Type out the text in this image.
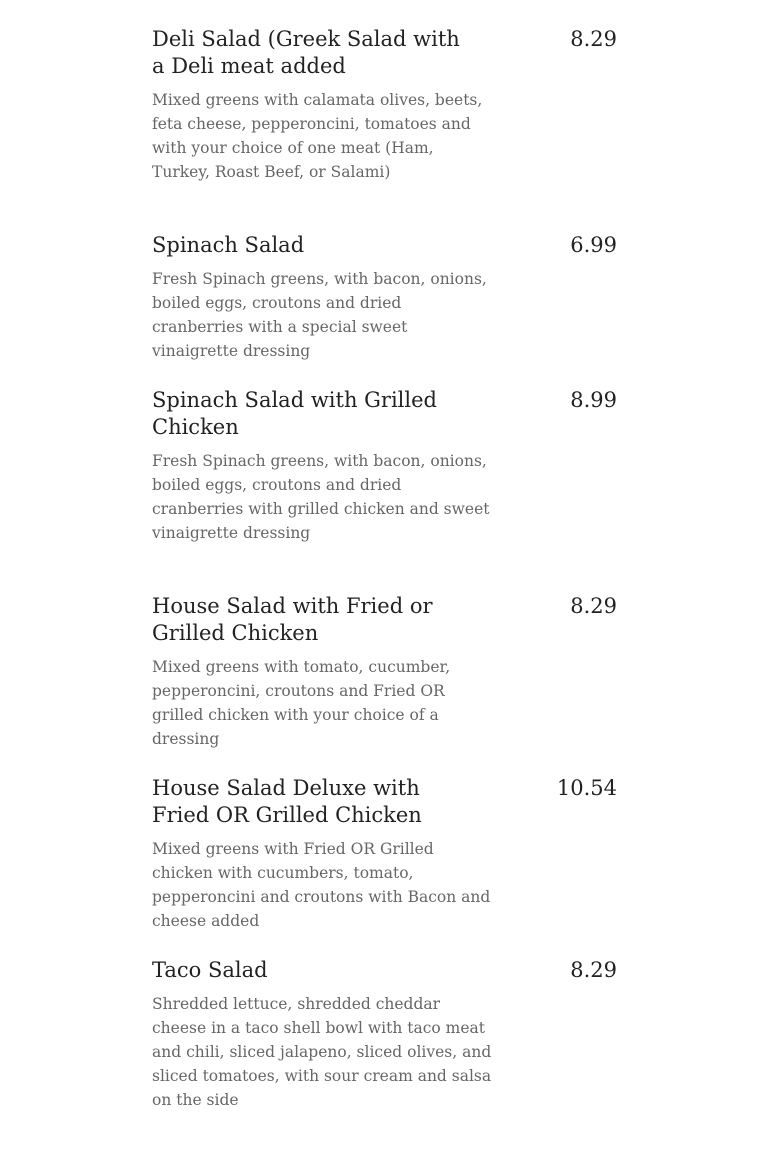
Deli Salad (Greek Salad with a Deli meat added
8.29

Mixed greens with calamata olives, beets, feta cheese, pepperoncini, tomatoes and with your choice of one meat (Ham, Turkey, Roast Beef, or Salami)

Spinach Salad	6.99

Fresh Spinach greens, with bacon, onions, boiled eggs, croutons and dried cranberries with a special sweet vinaigrette dressing

Spinach Salad with Grilled Chicken
8.99

Fresh Spinach greens, with bacon, onions, boiled eggs, croutons and dried cranberries with grilled chicken and sweet vinaigrette dressing

House Salad with Fried or Grilled Chicken
8.29

Mixed greens with tomato, cucumber, pepperoncini, croutons and Fried OR grilled chicken with your choice of a dressing

House Salad Deluxe with Fried OR Grilled Chicken
10.54

Mixed greens with Fried OR Grilled chicken with cucumbers, tomato, pepperoncini and croutons with Bacon and cheese added

Taco Salad	8.29

Shredded lettuce, shredded cheddar cheese in a taco shell bowl with taco meat and chili, sliced jalapeno, sliced olives, and sliced tomatoes, with sour cream and salsa on the side
